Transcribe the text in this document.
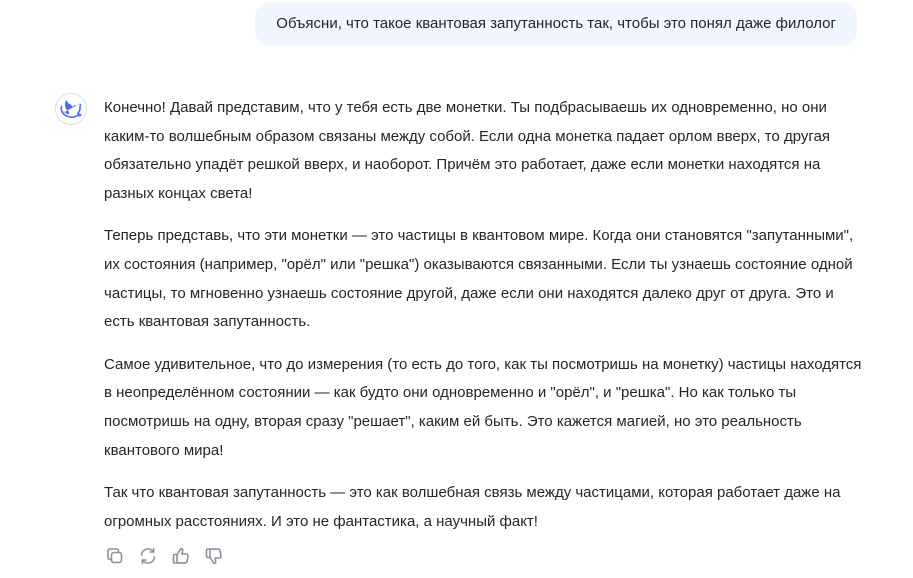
Объясни, что такое квантовая запутанность так, чтобы это понял даже филолог

Конечно! Давай представим, что у тебя есть две монетки. Ты подбрасываешь их одновременно, но они каким-то волшебным образом связаны между собой. Если одна монетка падает орлом вверх, то другая обязательно упадёт решкой вверх, и наоборот. Причём это работает, даже если монетки находятся на разных концах света!

Теперь представь, что эти монетки — это частицы в квантовом мире. Когда они становятся "запутанными", их состояния (например, "орёл" или "решка") оказываются связанными. Если ты узнаешь состояние одной частицы, то мгновенно узнаешь состояние другой, даже если они находятся далеко друг от друга. Это и есть квантовая запутанность.

Самое удивительное, что до измерения (то есть до того, как ты посмотришь на монетку) частицы находятся в неопределённом состоянии — как будто они одновременно и "орёл", и "решка". Но как только ты посмотришь на одну, вторая сразу "решает", каким ей быть. Это кажется магией, но это реальность квантового мира!

Так что квантовая запутанность — это как волшебная связь между частицами, которая работает даже на огромных расстояниях. И это не фантастика, а научный факт!
